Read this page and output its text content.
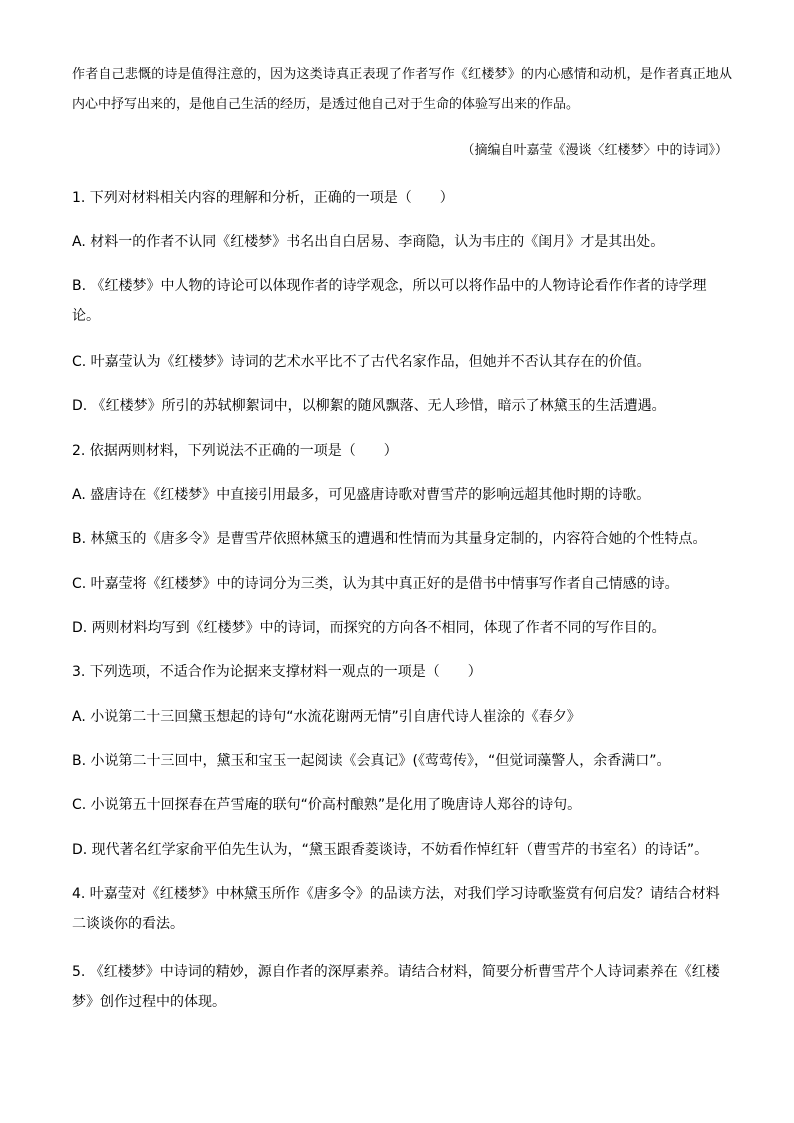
作者自己悲慨的诗是值得注意的，因为这类诗真正表现了作者写作《红楼梦》的内心感情和动机，是作者真正地从内心中抒写出来的，是他自己生活的经历，是透过他自己对于生命的体验写出来的作品。

（摘编自叶嘉莹《漫谈〈红楼梦〉中的诗词》）
1. 下列对材料相关内容的理解和分析，正确的一项是（　　）
A. 材料一的作者不认同《红楼梦》书名出自白居易、李商隐，认为韦庄的《闺月》才是其出处。
B. 《红楼梦》中人物的诗论可以体现作者的诗学观念，所以可以将作品中的人物诗论看作作者的诗学理论。
C. 叶嘉莹认为《红楼梦》诗词的艺术水平比不了古代名家作品，但她并不否认其存在的价值。
D. 《红楼梦》所引的苏轼柳絮词中，以柳絮的随风飘落、无人珍惜，暗示了林黛玉的生活遭遇。
2. 依据两则材料，下列说法不正确的一项是（　　）
A. 盛唐诗在《红楼梦》中直接引用最多，可见盛唐诗歌对曹雪芹的影响远超其他时期的诗歌。
B. 林黛玉的《唐多令》是曹雪芹依照林黛玉的遭遇和性情而为其量身定制的，内容符合她的个性特点。
C. 叶嘉莹将《红楼梦》中的诗词分为三类，认为其中真正好的是借书中情事写作者自己情感的诗。
D. 两则材料均写到《红楼梦》中的诗词，而探究的方向各不相同，体现了作者不同的写作目的。
3. 下列选项，不适合作为论据来支撑材料一观点的一项是（　　）
A. 小说第二十三回黛玉想起的诗句“水流花谢两无情”引自唐代诗人崔涂的《春夕》
B. 小说第二十三回中，黛玉和宝玉一起阅读《会真记》(《莺莺传》，“但觉词藻警人，余香满口”。
C. 小说第五十回探春在芦雪庵的联句“价高村酿熟”是化用了晚唐诗人郑谷的诗句。
D. 现代著名红学家俞平伯先生认为，“黛玉跟香菱谈诗，不妨看作悼红轩（曹雪芹的书室名）的诗话”。
4. 叶嘉莹对《红楼梦》中林黛玉所作《唐多令》的品读方法，对我们学习诗歌鉴赏有何启发？请结合材料二谈谈你的看法。
5. 《红楼梦》中诗词的精妙，源自作者的深厚素养。请结合材料，简要分析曹雪芹个人诗词素养在《红楼梦》创作过程中的体现。
